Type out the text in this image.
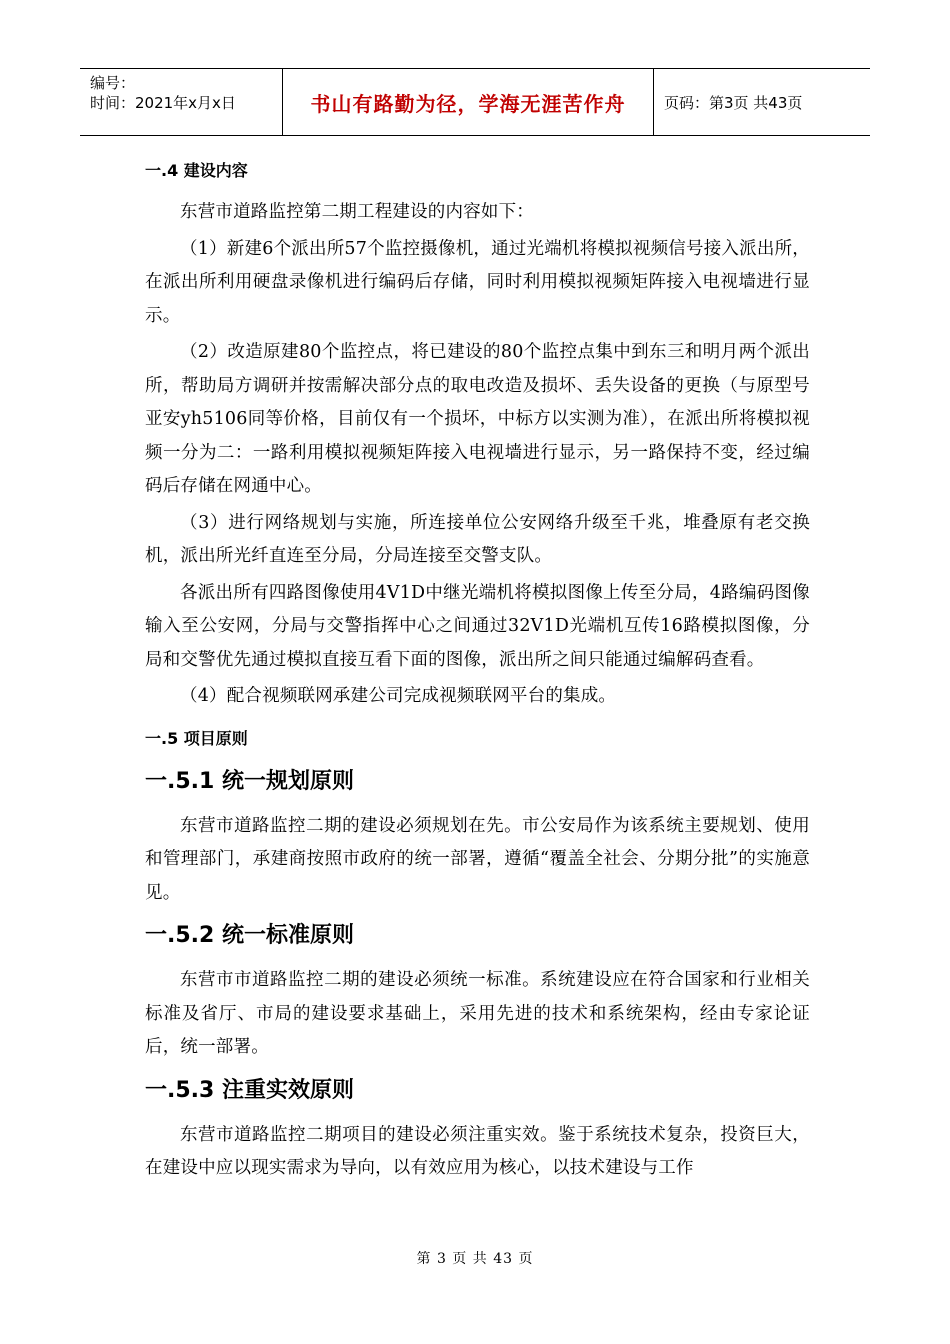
编号：
时间：2021年x月x日	书山有路勤为径，学海无涯苦作舟	页码：第3页 共43页
一.4 建设内容

东营市道路监控第二期工程建设的内容如下：

（1）新建6个派出所57个监控摄像机，通过光端机将模拟视频信号接入派出所，在派出所利用硬盘录像机进行编码后存储，同时利用模拟视频矩阵接入电视墙进行显示。

（2）改造原建80个监控点，将已建设的80个监控点集中到东三和明月两个派出所，帮助局方调研并按需解决部分点的取电改造及损坏、丢失设备的更换（与原型号亚安yh5106同等价格，目前仅有一个损坏，中标方以实测为准），在派出所将模拟视频一分为二：一路利用模拟视频矩阵接入电视墙进行显示，另一路保持不变，经过编码后存储在网通中心。

（3）进行网络规划与实施，所连接单位公安网络升级至千兆，堆叠原有老交换机，派出所光纤直连至分局，分局连接至交警支队。

各派出所有四路图像使用4V1D中继光端机将模拟图像上传至分局，4路编码图像输入至公安网，分局与交警指挥中心之间通过32V1D光端机互传16路模拟图像，分局和交警优先通过模拟直接互看下面的图像，派出所之间只能通过编解码查看。

（4）配合视频联网承建公司完成视频联网平台的集成。

一.5 项目原则
一.5.1 统一规划原则

东营市道路监控二期的建设必须规划在先。市公安局作为该系统主要规划、使用和管理部门，承建商按照市政府的统一部署，遵循“覆盖全社会、分期分批”的实施意见。

一.5.2 统一标准原则

东营市市道路监控二期的建设必须统一标准。系统建设应在符合国家和行业相关标准及省厅、市局的建设要求基础上，采用先进的技术和系统架构，经由专家论证后，统一部署。

一.5.3 注重实效原则

东营市道路监控二期项目的建设必须注重实效。鉴于系统技术复杂，投资巨大，在建设中应以现实需求为导向，以有效应用为核心，以技术建设与工作

第 3 页 共 43 页
